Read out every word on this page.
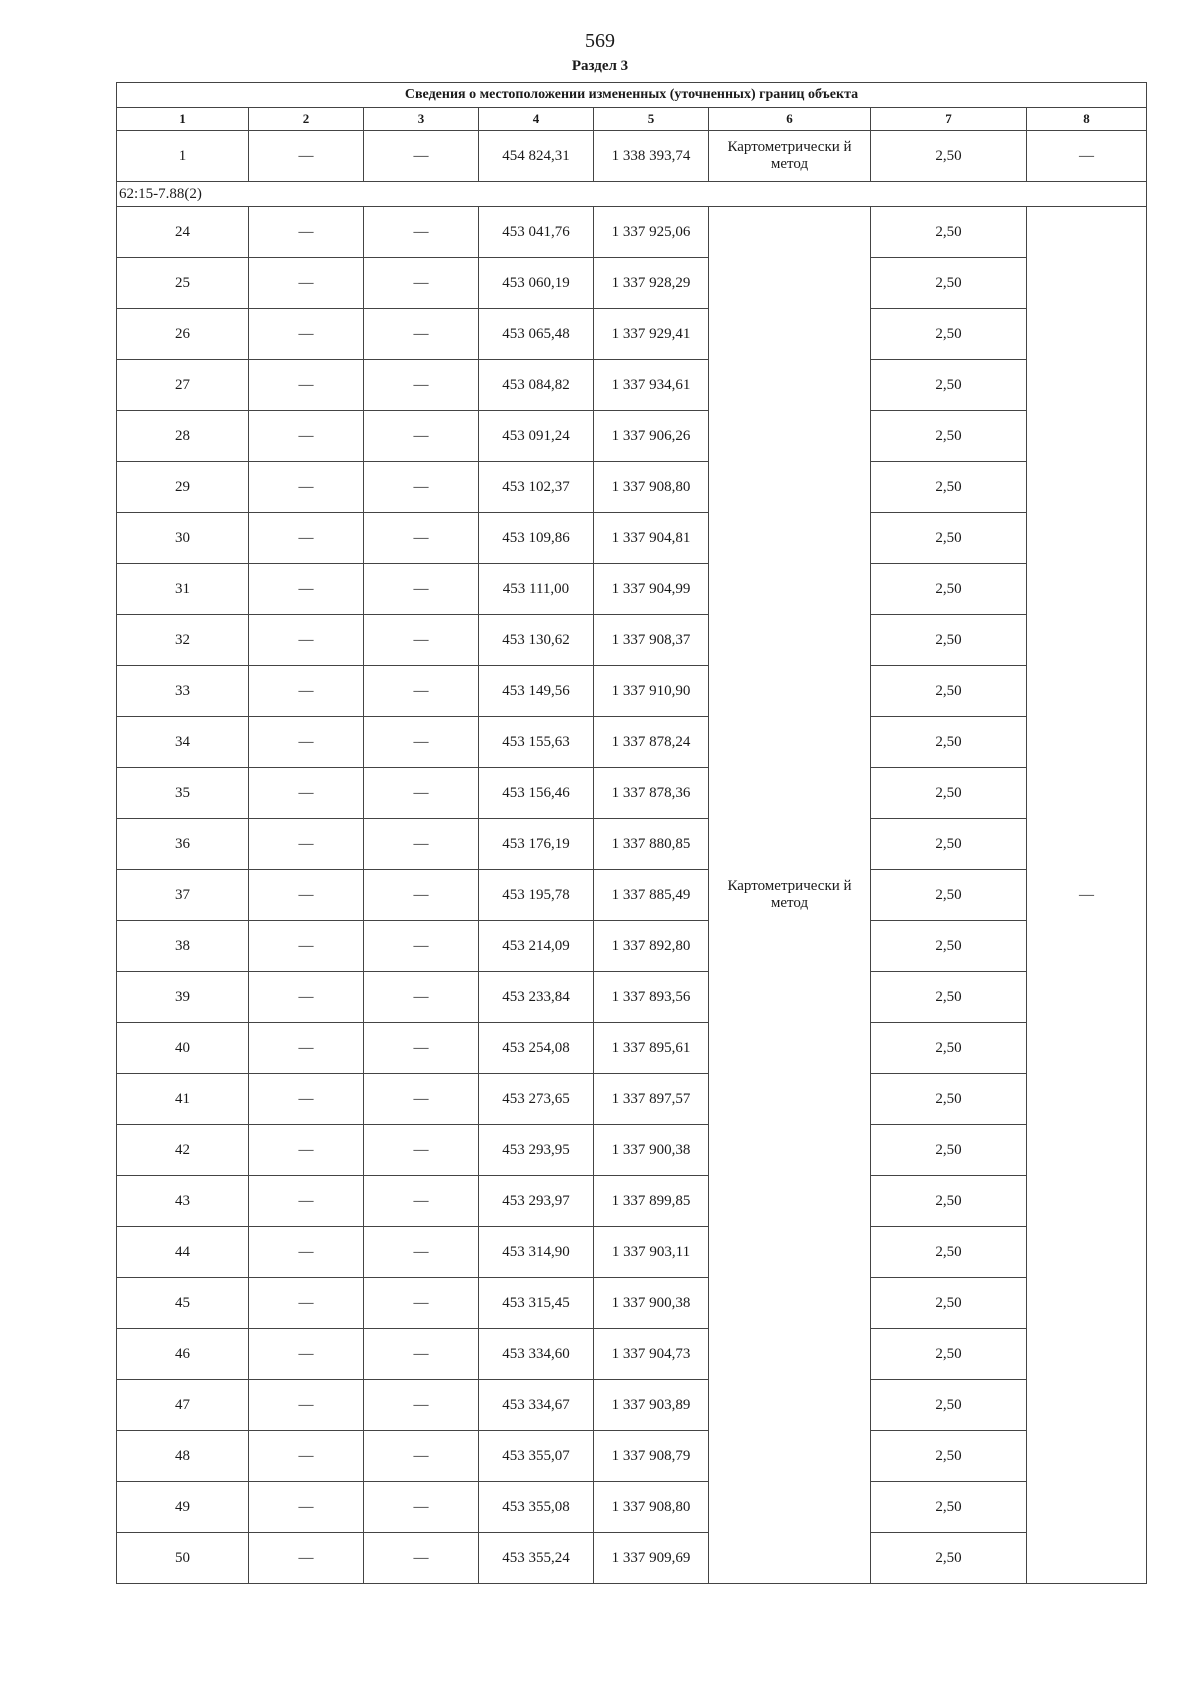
569
Раздел 3
Сведения о местоположении измененных (уточненных) границ объекта							
1	2	3	4	5	6	7	8
1	—	—	454 824,31	1 338 393,74	Картометрически й метод	2,50	—
62:15-7.88(2)							
24	—	—	453 041,76	1 337 925,06	Картометрически й метод	2,50	—
25	—	—	453 060,19	1 337 928,29		2,50	
26	—	—	453 065,48	1 337 929,41		2,50	
27	—	—	453 084,82	1 337 934,61		2,50	
28	—	—	453 091,24	1 337 906,26		2,50	
29	—	—	453 102,37	1 337 908,80		2,50	
30	—	—	453 109,86	1 337 904,81		2,50	
31	—	—	453 111,00	1 337 904,99		2,50	
32	—	—	453 130,62	1 337 908,37		2,50	
33	—	—	453 149,56	1 337 910,90		2,50	
34	—	—	453 155,63	1 337 878,24		2,50	
35	—	—	453 156,46	1 337 878,36		2,50	
36	—	—	453 176,19	1 337 880,85		2,50	
37	—	—	453 195,78	1 337 885,49		2,50	
38	—	—	453 214,09	1 337 892,80		2,50	
39	—	—	453 233,84	1 337 893,56		2,50	
40	—	—	453 254,08	1 337 895,61		2,50	
41	—	—	453 273,65	1 337 897,57		2,50	
42	—	—	453 293,95	1 337 900,38		2,50	
43	—	—	453 293,97	1 337 899,85		2,50	
44	—	—	453 314,90	1 337 903,11		2,50	
45	—	—	453 315,45	1 337 900,38		2,50	
46	—	—	453 334,60	1 337 904,73		2,50	
47	—	—	453 334,67	1 337 903,89		2,50	
48	—	—	453 355,07	1 337 908,79		2,50	
49	—	—	453 355,08	1 337 908,80		2,50	
50	—	—	453 355,24	1 337 909,69		2,50	
